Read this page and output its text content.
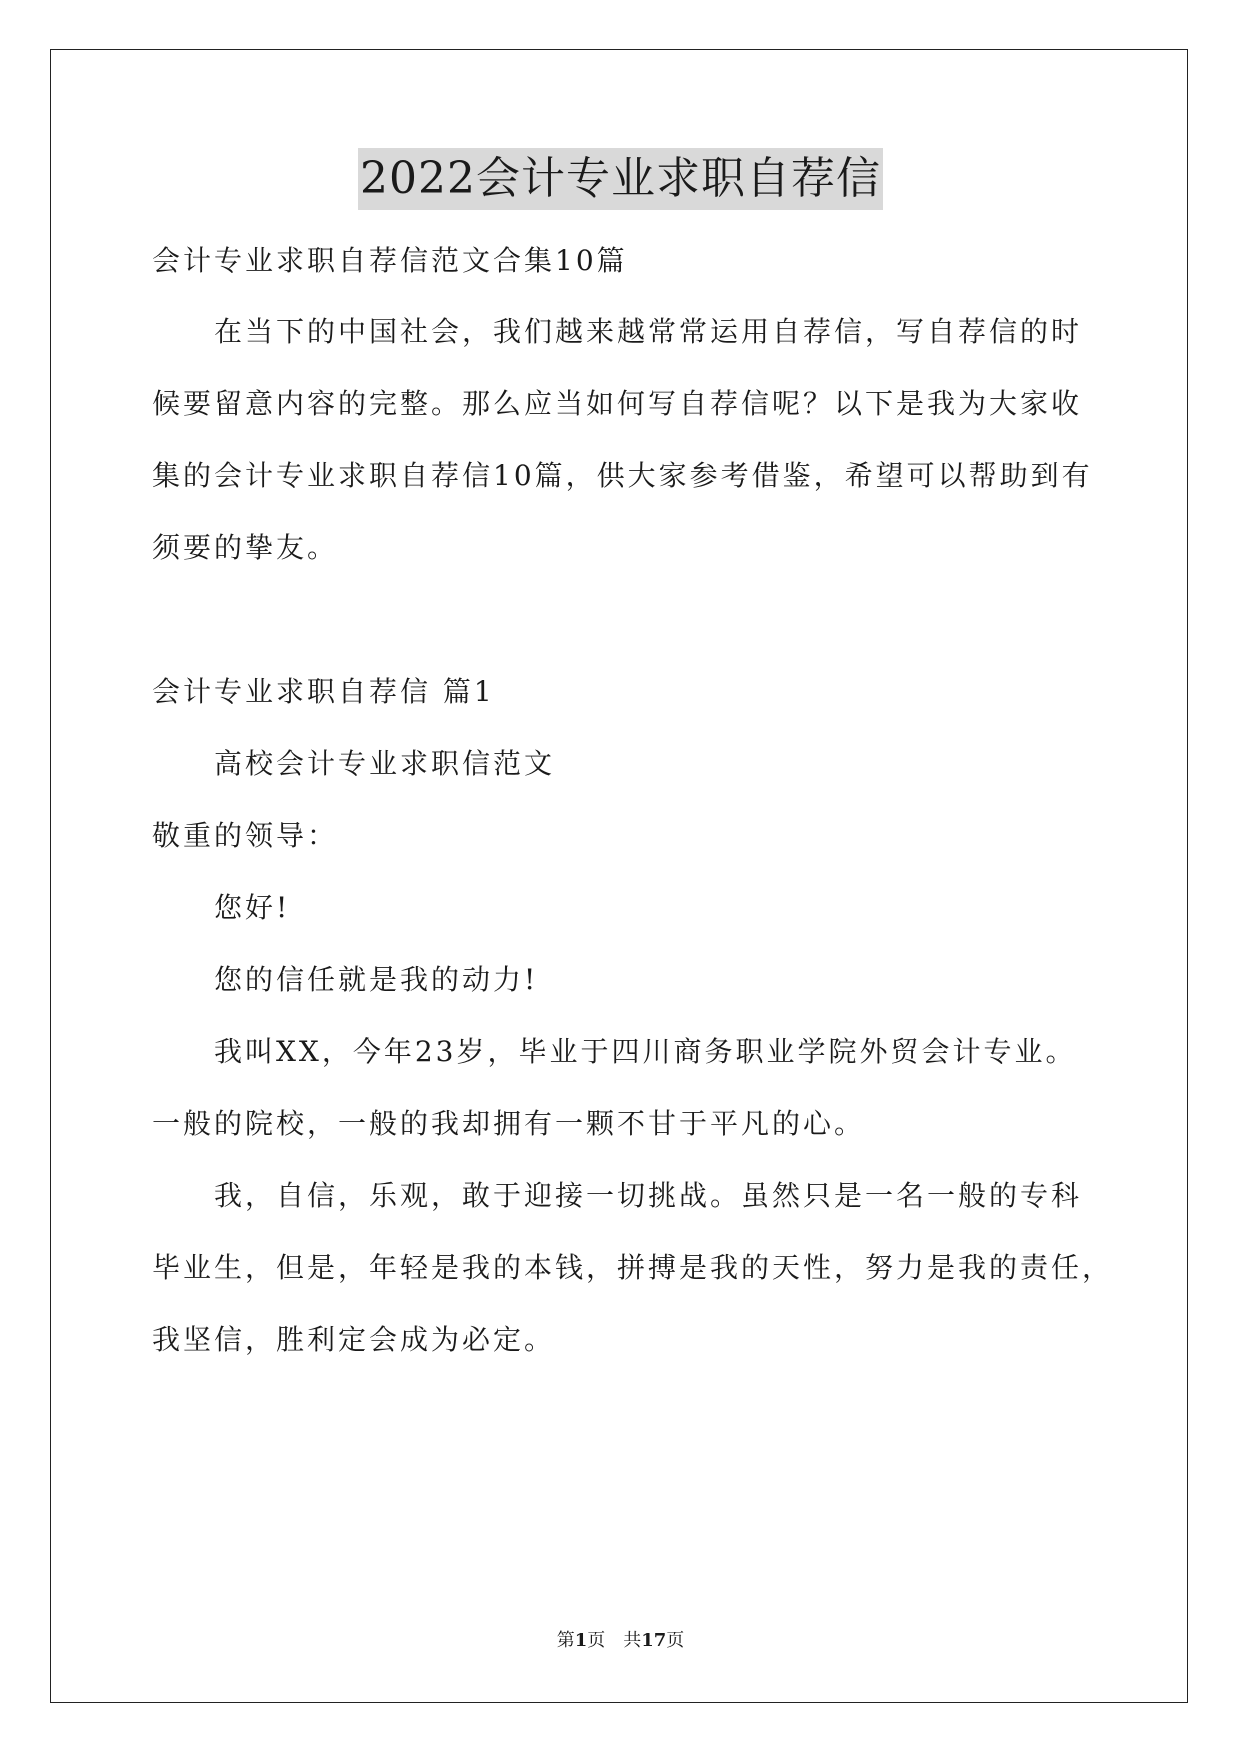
2022会计专业求职自荐信
会计专业求职自荐信范文合集10篇
在当下的中国社会，我们越来越常常运用自荐信，写自荐信的时
候要留意内容的完整。那么应当如何写自荐信呢？以下是我为大家收
集的会计专业求职自荐信10篇，供大家参考借鉴，希望可以帮助到有
须要的挚友。
会计专业求职自荐信 篇1
高校会计专业求职信范文
敬重的领导：
您好!
您的信任就是我的动力!
我叫XX，今年23岁，毕业于四川商务职业学院外贸会计专业。
一般的院校，一般的我却拥有一颗不甘于平凡的心。
我，自信，乐观，敢于迎接一切挑战。虽然只是一名一般的专科
毕业生，但是，年轻是我的本钱，拼搏是我的天性，努力是我的责任，
我坚信，胜利定会成为必定。
第1页　共17页
